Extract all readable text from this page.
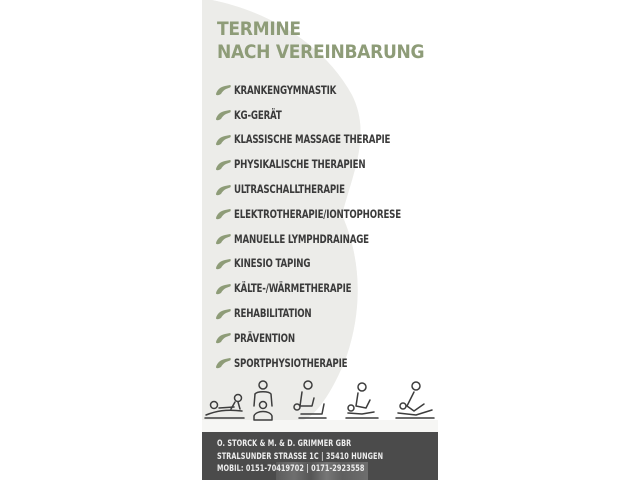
TERMINE
NACH VEREINBARUNG
KRANKENGYMNASTIK
KG-GERÄT
KLASSISCHE MASSAGE THERAPIE
PHYSIKALISCHE THERAPIEN
ULTRASCHALLTHERAPIE
ELEKTROTHERAPIE/IONTOPHORESE
MANUELLE LYMPHDRAINAGE
KINESIO TAPING
KÄLTE-/WÄRMETHERAPIE
REHABILITATION
PRÄVENTION
SPORTPHYSIOTHERAPIE
O. STORCK & M. & D. GRIMMER GBR
STRALSUNDER STRASSE 1C | 35410 HUNGEN
MOBIL: 0151-70419702 | 0171-2923558
